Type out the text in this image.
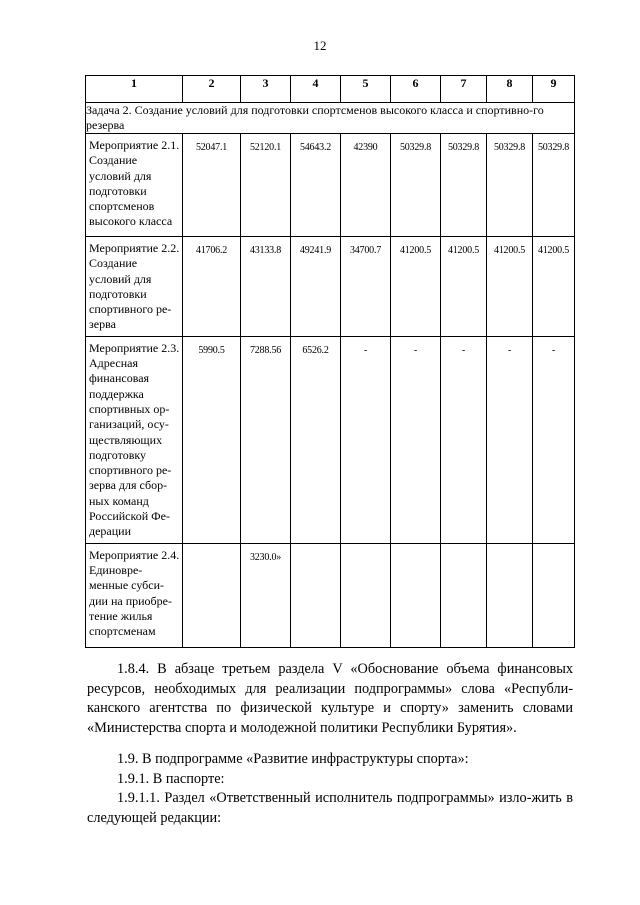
12
1	2	3	4	5	6	7	8	9
Задача 2. Создание условий для подготовки спортсменов высокого класса и спортивно-го резерва								
Мероприятие 2.1. Создание условий для подготовки спортсменов высокого класса	52047.1	52120.1	54643.2	42390	50329.8	50329.8	50329.8	50329.8
Мероприятие 2.2. Создание условий для подготовки спортивного ре-зерва	41706.2	43133.8	49241.9	34700.7	41200.5	41200.5	41200.5	41200.5
Мероприятие 2.3. Адресная финансовая поддержка спортивных ор-ганизаций, осу-ществляющих подготовку спортивного ре-зерва для сбор-ных команд Российской Фе-дерации	5990.5	7288.56	6526.2	-	-	-	-	-
Мероприятие 2.4. Единовре-менные субси-дии на приобре-тение жилья спортсменам		3230.0»						

1.8.4. В абзаце третьем раздела V «Обоснование объема финансовых ресурсов, необходимых для реализации подпрограммы» слова «Республи-канского агентства по физической культуре и спорту» заменить словами «Министерства спорта и молодежной политики Республики Бурятия».

1.9. В подпрограмме «Развитие инфраструктуры спорта»:

1.9.1. В паспорте:

1.9.1.1. Раздел «Ответственный исполнитель подпрограммы» изло-жить в следующей редакции:
